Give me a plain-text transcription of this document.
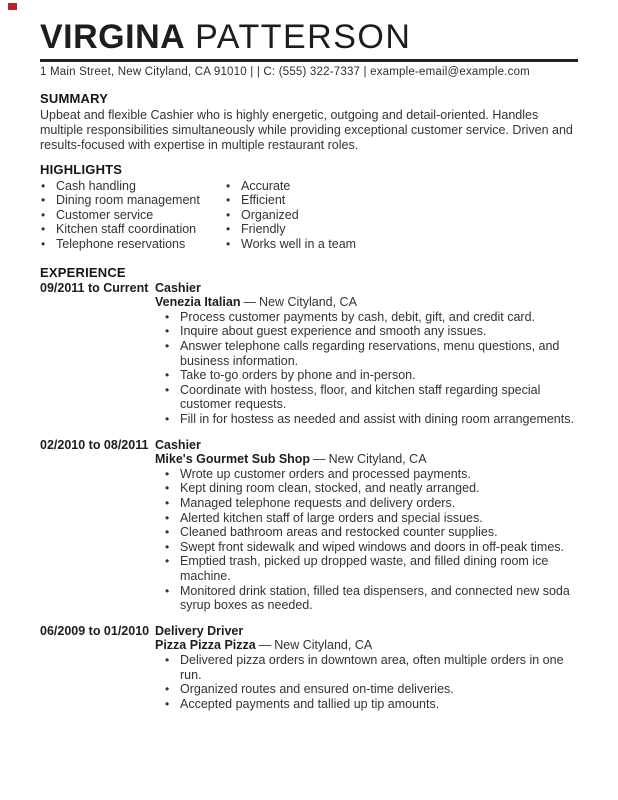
VIRGINA PATTERSON
1 Main Street, New Cityland, CA 91010 | | C: (555) 322-7337 | example-email@example.com
SUMMARY
Upbeat and flexible Cashier who is highly energetic, outgoing and detail-oriented. Handles multiple responsibilities simultaneously while providing exceptional customer service. Driven and results-focused with expertise in multiple restaurant roles.
HIGHLIGHTS
• Cash handling
• Dining room management
• Customer service
• Kitchen staff coordination
• Telephone reservations
• Accurate
• Efficient
• Organized
• Friendly
• Works well in a team
EXPERIENCE
09/2011 to Current Cashier
Venezia Italian — New Cityland, CA
• Process customer payments by cash, debit, gift, and credit card.
• Inquire about guest experience and smooth any issues.
• Answer telephone calls regarding reservations, menu questions, and business information.
• Take to-go orders by phone and in-person.
• Coordinate with hostess, floor, and kitchen staff regarding special customer requests.
• Fill in for hostess as needed and assist with dining room arrangements.
02/2010 to 08/2011 Cashier
Mike's Gourmet Sub Shop — New Cityland, CA
• Wrote up customer orders and processed payments.
• Kept dining room clean, stocked, and neatly arranged.
• Managed telephone requests and delivery orders.
• Alerted kitchen staff of large orders and special issues.
• Cleaned bathroom areas and restocked counter supplies.
• Swept front sidewalk and wiped windows and doors in off-peak times.
• Emptied trash, picked up dropped waste, and filled dining room ice machine.
• Monitored drink station, filled tea dispensers, and connected new soda syrup boxes as needed.
06/2009 to 01/2010 Delivery Driver
Pizza Pizza Pizza — New Cityland, CA
• Delivered pizza orders in downtown area, often multiple orders in one run.
• Organized routes and ensured on-time deliveries.
• Accepted payments and tallied up tip amounts.
